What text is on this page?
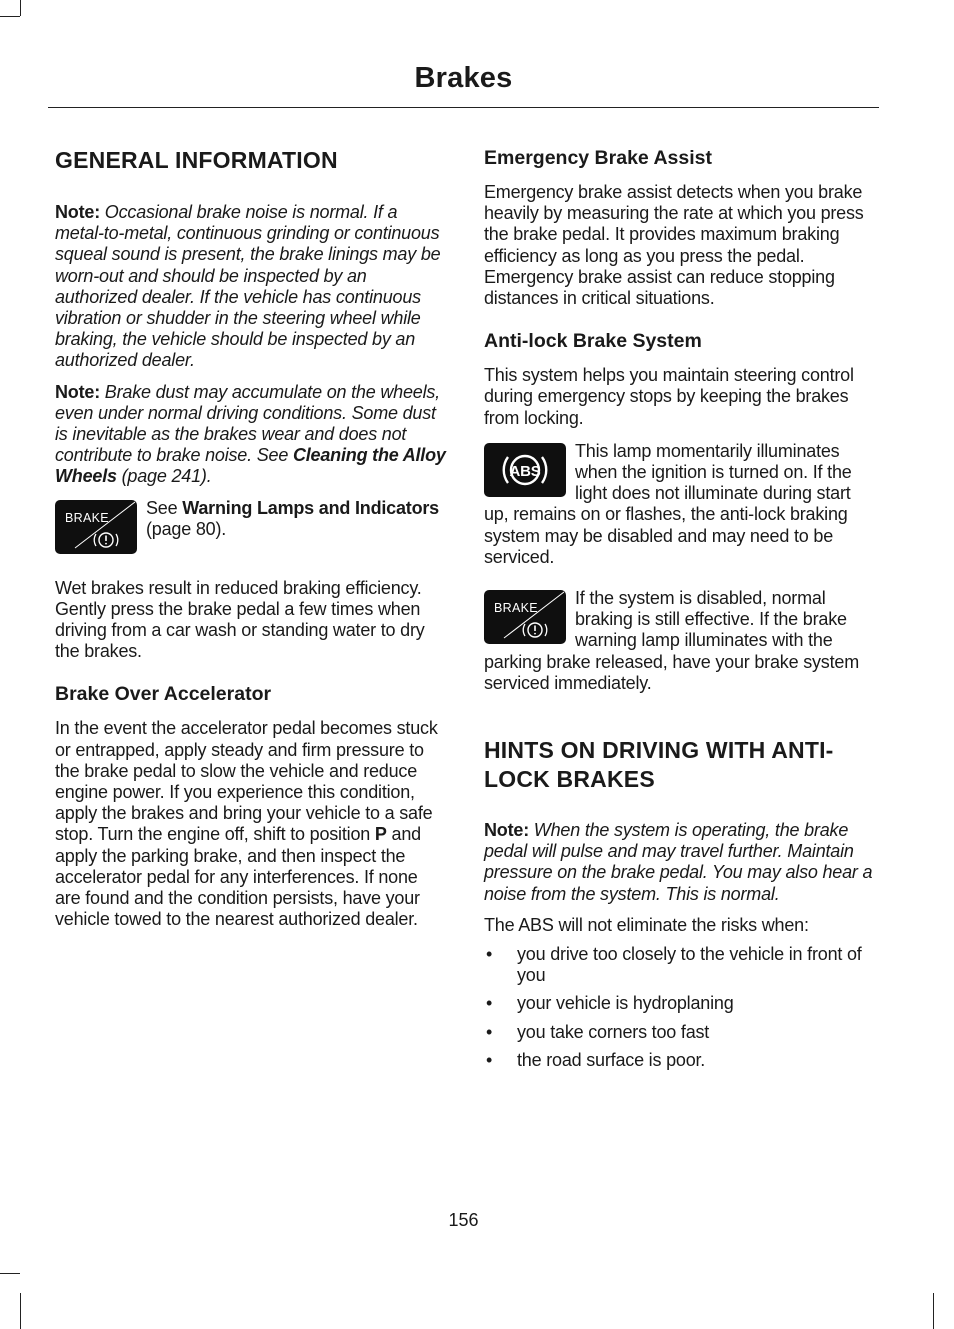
Brakes
GENERAL INFORMATION

Note: Occasional brake noise is normal. If a metal-to-metal, continuous grinding or continuous squeal sound is present, the brake linings may be worn-out and should be inspected by an authorized dealer. If the vehicle has continuous vibration or shudder in the steering wheel while braking, the vehicle should be inspected by an authorized dealer.

Note: Brake dust may accumulate on the wheels, even under normal driving conditions. Some dust is inevitable as the brakes wear and does not contribute to brake noise. See Cleaning the Alloy Wheels (page 241).

BRAKE See Warning Lamps and Indicators (page 80).

Wet brakes result in reduced braking efficiency. Gently press the brake pedal a few times when driving from a car wash or standing water to dry the brakes.

Brake Over Accelerator

In the event the accelerator pedal becomes stuck or entrapped, apply steady and firm pressure to the brake pedal to slow the vehicle and reduce engine power. If you experience this condition, apply the brakes and bring your vehicle to a safe stop. Turn the engine off, shift to position P and apply the parking brake, and then inspect the accelerator pedal for any interferences. If none are found and the condition persists, have your vehicle towed to the nearest authorized dealer.

Emergency Brake Assist

Emergency brake assist detects when you brake heavily by measuring the rate at which you press the brake pedal. It provides maximum braking efficiency as long as you press the pedal. Emergency brake assist can reduce stopping distances in critical situations.

Anti-lock Brake System

This system helps you maintain steering control during emergency stops by keeping the brakes from locking.

ABS
This lamp momentarily illuminates when the ignition is turned on. If the light does not illuminate during start up, remains on or flashes, the anti-lock braking system may be disabled and may need to be serviced.
BRAKE If the system is disabled, normal braking is still effective. If the brake warning lamp illuminates with the parking brake released, have your brake system serviced immediately.
HINTS ON DRIVING WITH ANTI-LOCK BRAKES

Note: When the system is operating, the brake pedal will pulse and may travel further. Maintain pressure on the brake pedal. You may also hear a noise from the system. This is normal.

The ABS will not eliminate the risks when:

• you drive too closely to the vehicle in front of you
• your vehicle is hydroplaning
• you take corners too fast
• the road surface is poor.
156
